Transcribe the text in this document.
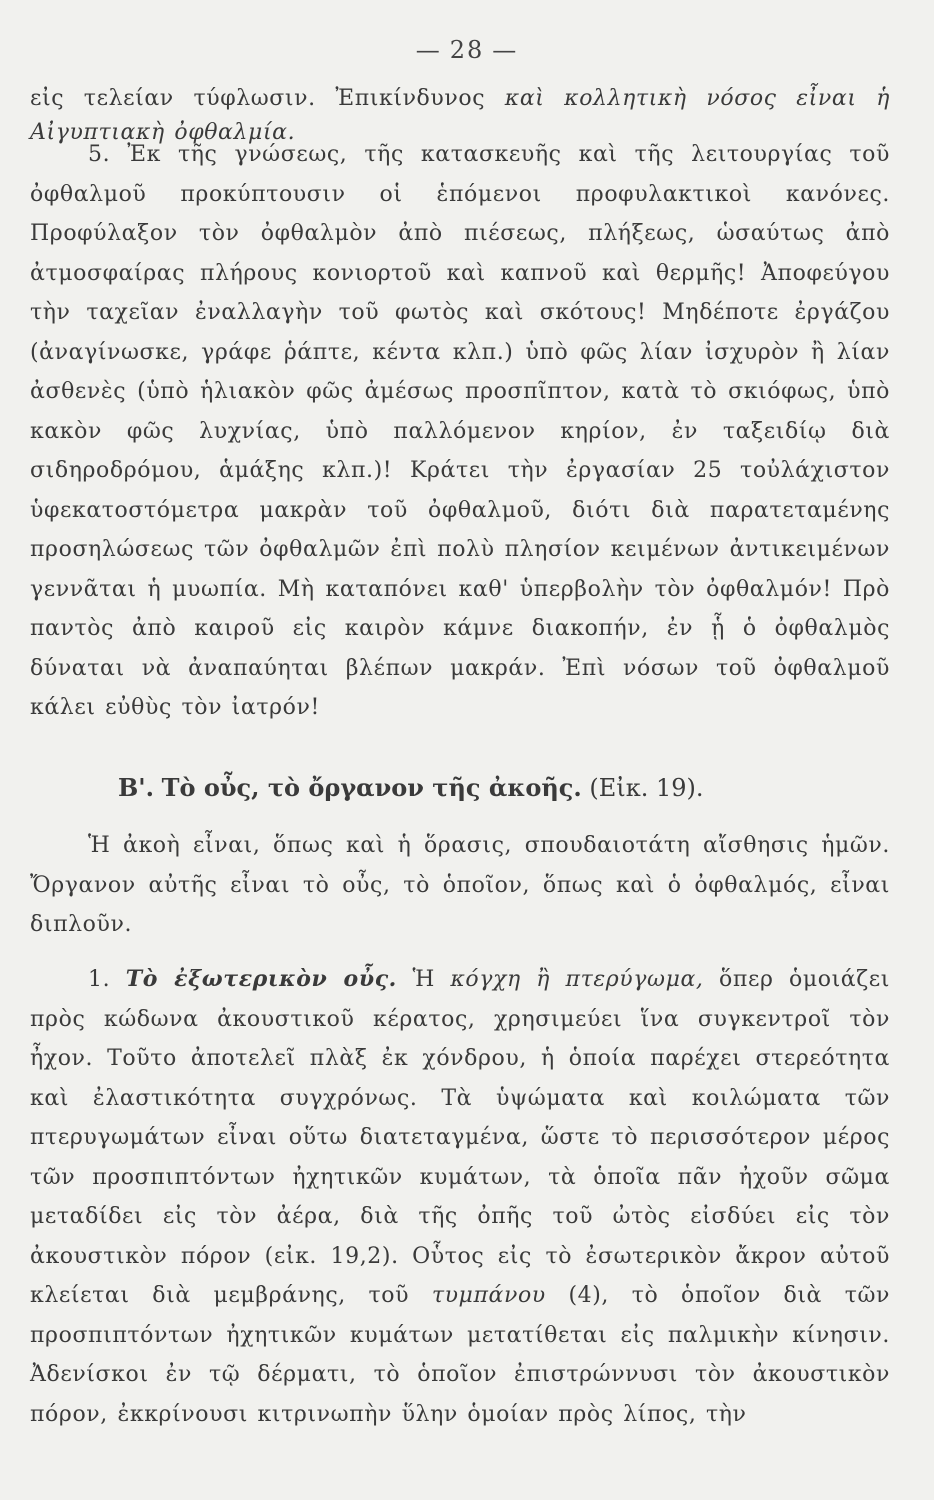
— 28 —

εἰς τελείαν τύφλωσιν. Ἐπικίνδυνος καὶ κολλητικὴ νόσος εἶναι ἡ Αἰγυπτιακὴ ὀφθαλμία.

5. Ἐκ τῆς γνώσεως, τῆς κατασκευῆς καὶ τῆς λειτουργίας τοῦ ὀφθαλμοῦ προκύπτουσιν οἱ ἑπόμενοι προφυλακτικοὶ κανόνες. Προφύλαξον τὸν ὀφθαλμὸν ἀπὸ πιέσεως, πλήξεως, ὡσαύτως ἀπὸ ἀτμοσφαίρας πλήρους κονιορτοῦ καὶ καπνοῦ καὶ θερμῆς! Ἀποφεύγου τὴν ταχεῖαν ἐναλλαγὴν τοῦ φωτὸς καὶ σκότους! Μηδέποτε ἐργάζου (ἀναγίνωσκε, γράφε ῥάπτε, κέντα κλπ.) ὑπὸ φῶς λίαν ἰσχυρὸν ἢ λίαν ἀσθενὲς (ὑπὸ ἡλιακὸν φῶς ἀμέσως προσπῖπτον, κατὰ τὸ σκιόφως, ὑπὸ κακὸν φῶς λυχνίας, ὑπὸ παλλόμενον κηρίον, ἐν ταξειδίῳ διὰ σιδηροδρόμου, ἁμάξης κλπ.)! Κράτει τὴν ἐργασίαν 25 τοὐλάχιστον ὑφεκατοστόμετρα μακρὰν τοῦ ὀφθαλμοῦ, διότι διὰ παρατεταμένης προσηλώσεως τῶν ὀφθαλμῶν ἐπὶ πολὺ πλησίον κειμένων ἀντικειμένων γεννᾶται ἡ μυωπία. Μὴ καταπόνει καθ' ὑπερβολὴν τὸν ὀφθαλμόν! Πρὸ παντὸς ἀπὸ καιροῦ εἰς καιρὸν κάμνε διακοπήν, ἐν ᾗ ὁ ὀφθαλμὸς δύναται νὰ ἀναπαύηται βλέπων μακράν. Ἐπὶ νόσων τοῦ ὀφθαλμοῦ κάλει εὐθὺς τὸν ἰατρόν!

Β'. Τὸ οὖς, τὸ ὄργανον τῆς ἀκοῆς. (Εἰκ. 19).

Ἡ ἀκοὴ εἶναι, ὅπως καὶ ἡ ὅρασις, σπουδαιοτάτη αἴσθησις ἡμῶν. Ὄργανον αὐτῆς εἶναι τὸ οὖς, τὸ ὁποῖον, ὅπως καὶ ὁ ὀφθαλμός, εἶναι διπλοῦν.

1. Τὸ ἐξωτερικὸν οὖς. Ἡ κόγχη ἢ πτερύγωμα, ὅπερ ὁμοιάζει πρὸς κώδωνα ἀκουστικοῦ κέρατος, χρησιμεύει ἵνα συγκεντροῖ τὸν ἦχον. Τοῦτο ἀποτελεῖ πλὰξ ἐκ χόνδρου, ἡ ὁποία παρέχει στερεότητα καὶ ἐλαστικότητα συγχρόνως. Τὰ ὑψώματα καὶ κοιλώματα τῶν πτερυγωμάτων εἶναι οὕτω διατεταγμένα, ὥστε τὸ περισσότερον μέρος τῶν προσπιπτόντων ἠχητικῶν κυμάτων, τὰ ὁποῖα πᾶν ἠχοῦν σῶμα μεταδίδει εἰς τὸν ἀέρα, διὰ τῆς ὀπῆς τοῦ ὠτὸς εἰσδύει εἰς τὸν ἀκουστικὸν πόρον (εἰκ. 19,2). Οὗτος εἰς τὸ ἐσωτερικὸν ἄκρον αὐτοῦ κλείεται διὰ μεμβράνης, τοῦ τυμπάνου (4), τὸ ὁποῖον διὰ τῶν προσπιπτόντων ἠχητικῶν κυμάτων μετατίθεται εἰς παλμικὴν κίνησιν. Ἀδενίσκοι ἐν τῷ δέρματι, τὸ ὁποῖον ἐπιστρώννυσι τὸν ἀκουστικὸν πόρον, ἐκκρίνουσι κιτρινωπὴν ὕλην ὁμοίαν πρὸς λίπος, τὴν
